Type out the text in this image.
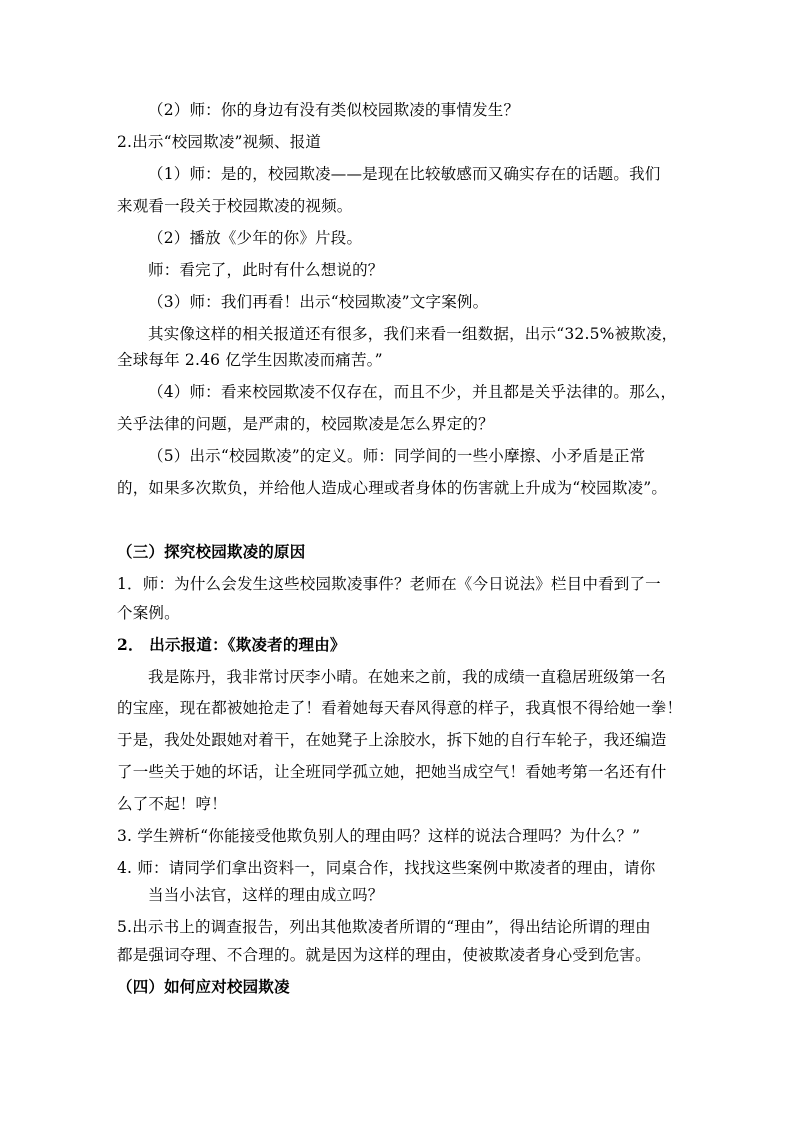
（2）师：你的身边有没有类似校园欺凌的事情发生？
2.出示“校园欺凌”视频、报道
（1）师：是的，校园欺凌——是现在比较敏感而又确实存在的话题。我们
来观看一段关于校园欺凌的视频。
（2）播放《少年的你》片段。
师：看完了，此时有什么想说的？
（3）师：我们再看！出示“校园欺凌”文字案例。
其实像这样的相关报道还有很多，我们来看一组数据，出示“32.5%被欺凌，
全球每年 2.46 亿学生因欺凌而痛苦。”
（4）师：看来校园欺凌不仅存在，而且不少，并且都是关乎法律的。那么，
关乎法律的问题，是严肃的，校园欺凌是怎么界定的？
（5）出示“校园欺凌”的定义。师：同学间的一些小摩擦、小矛盾是正常
的，如果多次欺负，并给他人造成心理或者身体的伤害就上升成为“校园欺凌”。
（三）探究校园欺凌的原因
1．师：为什么会发生这些校园欺凌事件？老师在《今日说法》栏目中看到了一
个案例。
2． 出示报道：《欺凌者的理由》
我是陈丹，我非常讨厌李小晴。在她来之前，我的成绩一直稳居班级第一名
的宝座，现在都被她抢走了！看着她每天春风得意的样子，我真恨不得给她一拳！
于是，我处处跟她对着干，在她凳子上涂胶水，拆下她的自行车轮子，我还编造
了一些关于她的坏话，让全班同学孤立她，把她当成空气！看她考第一名还有什
么了不起！哼！
3. 学生辨析“你能接受他欺负别人的理由吗？这样的说法合理吗？为什么？”
4. 师：请同学们拿出资料一，同桌合作，找找这些案例中欺凌者的理由，请你
当当小法官，这样的理由成立吗？
5.出示书上的调查报告，列出其他欺凌者所谓的“理由”，得出结论所谓的理由
都是强词夺理、不合理的。就是因为这样的理由，使被欺凌者身心受到危害。
（四）如何应对校园欺凌
